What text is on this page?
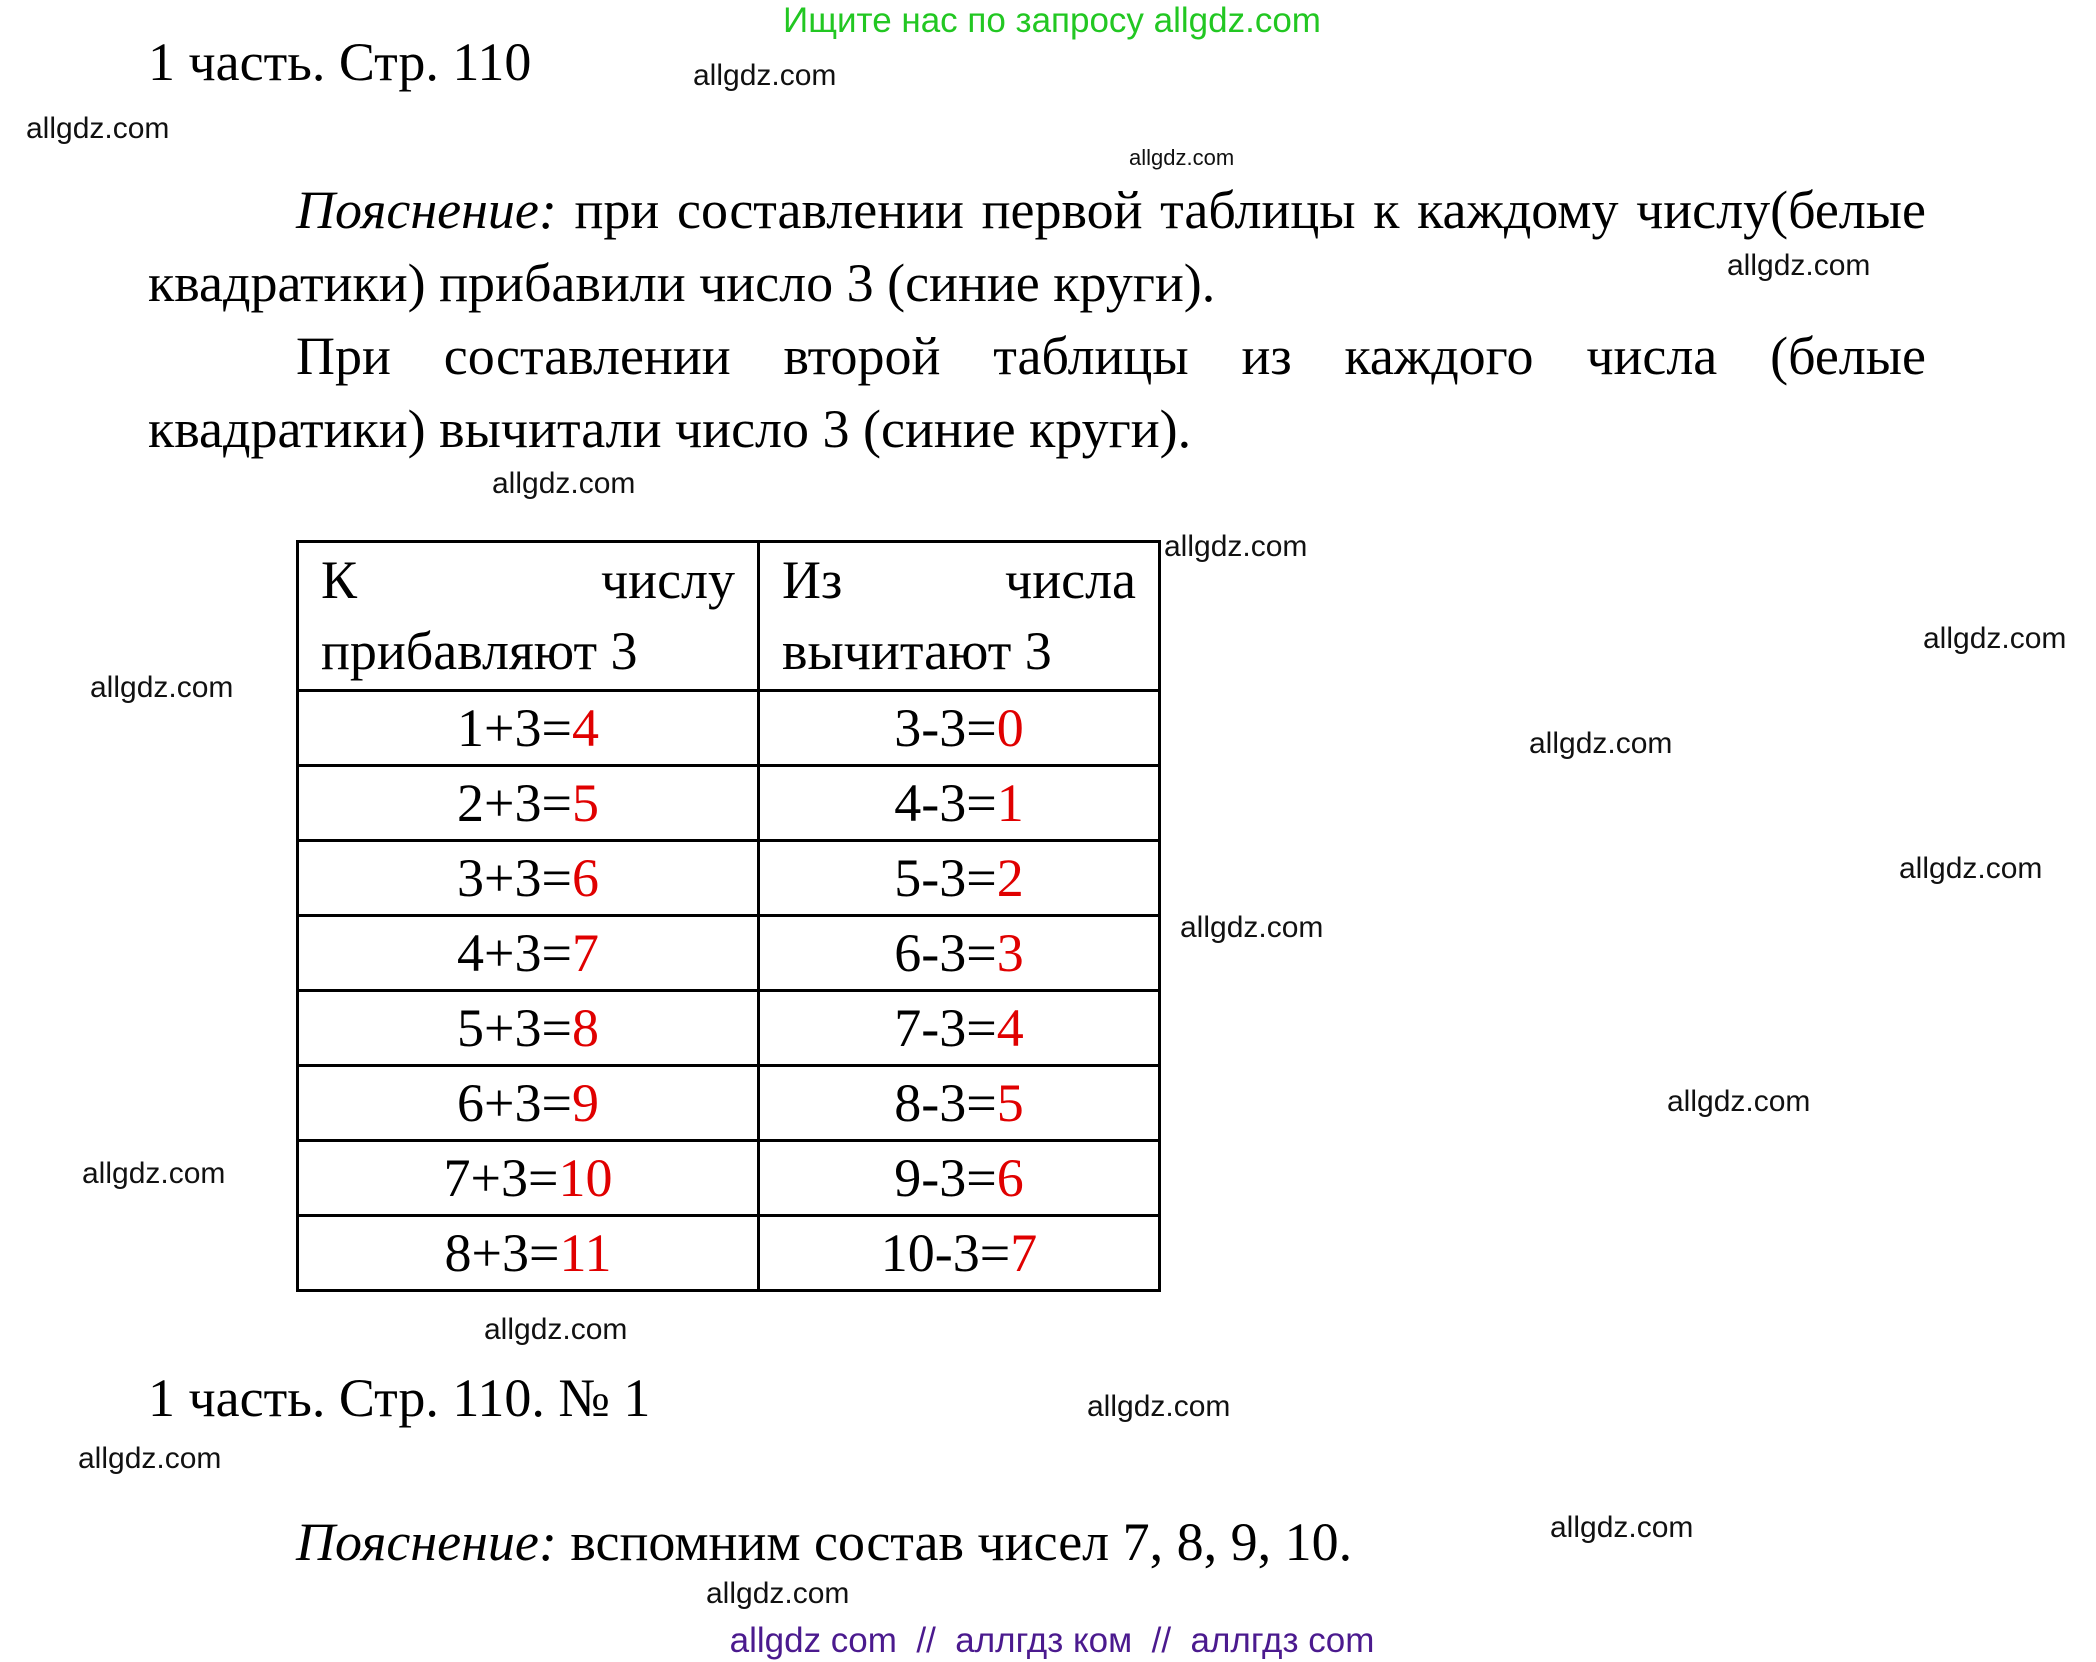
Ищите нас по запросу allgdz.com
1 часть. Стр. 110

Пояснение: при составлении первой таблицы к каждому числу(белые квадратики) прибавили число 3 (синие круги).

При составлении второй таблицы из каждого числа (белые квадратики) вычитали число 3 (синие круги).

К числу прибавляют 3	Из числа вычитают 3
1+3=4	3-3=0
2+3=5	4-3=1
3+3=6	5-3=2
4+3=7	6-3=3
5+3=8	7-3=4
6+3=9	8-3=5
7+3=10	9-3=6
8+3=11	10-3=7
1 часть. Стр. 110. № 1
Пояснение: вспомним состав чисел 7, 8, 9, 10.
allgdz.com
allgdz.com
allgdz.com
allgdz.com
allgdz.com
allgdz.com
allgdz.com
allgdz.com
allgdz.com
allgdz.com
allgdz.com
allgdz.com
allgdz.com
allgdz.com
allgdz.com
allgdz.com
allgdz.com
allgdz.com
allgdz com  //  аллгдз ком  //  аллгдз com
